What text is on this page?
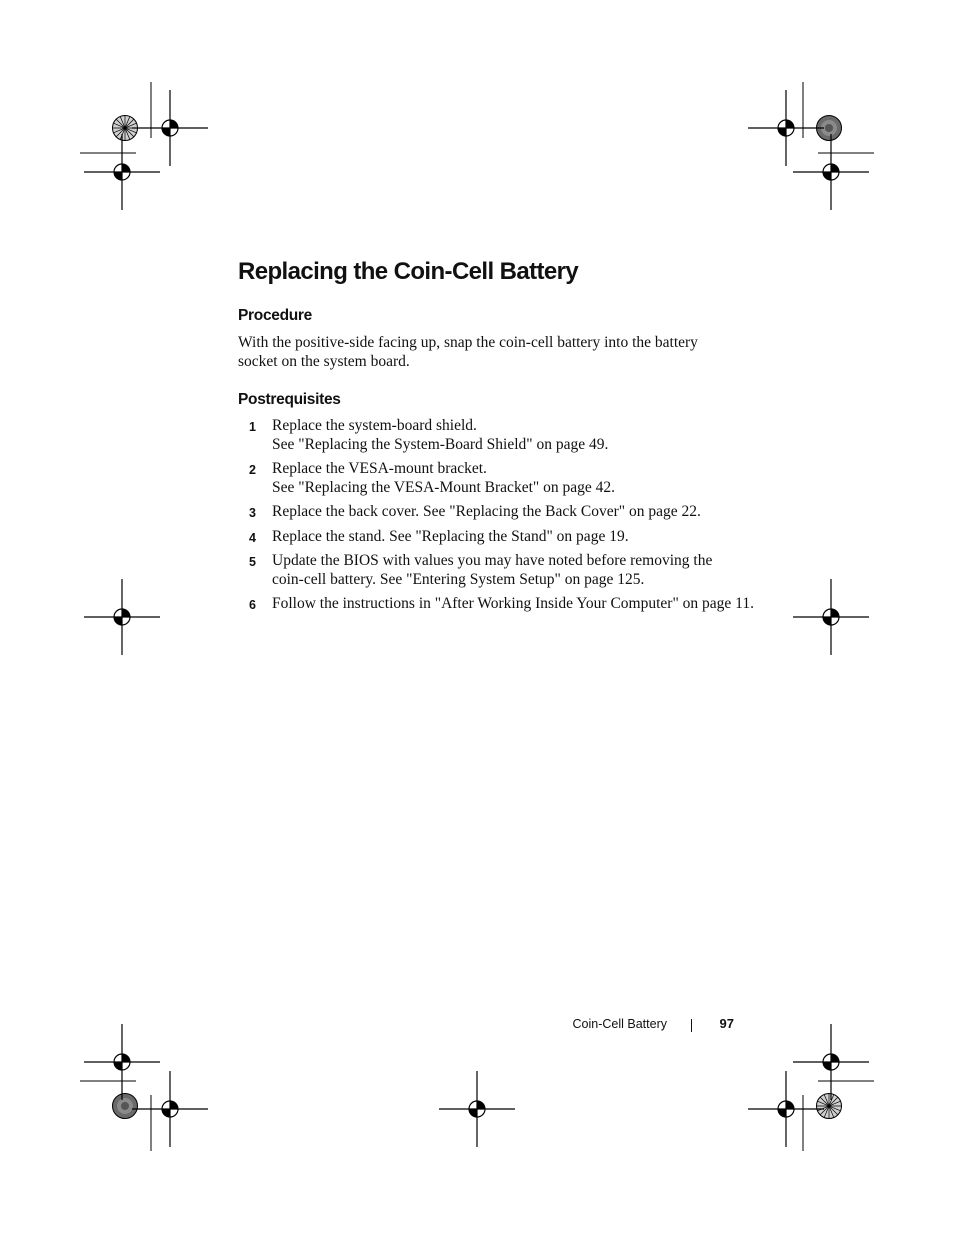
Replacing the Coin-Cell Battery
Procedure

With the positive-side facing up, snap the coin-cell battery into the battery socket on the system board.

Postrequisites
1 Replace the system-board shield.
See "Replacing the System-Board Shield" on page 49.
2 Replace the VESA-mount bracket.
See "Replacing the VESA-Mount Bracket" on page 42.
3 Replace the back cover. See "Replacing the Back Cover" on page 22.
4 Replace the stand. See "Replacing the Stand" on page 19.
5 Update the BIOS with values you may have noted before removing the
coin-cell battery. See "Entering System Setup" on page 125.
6 Follow the instructions in "After Working Inside Your Computer" on page 11.
Coin-Cell Battery	97
